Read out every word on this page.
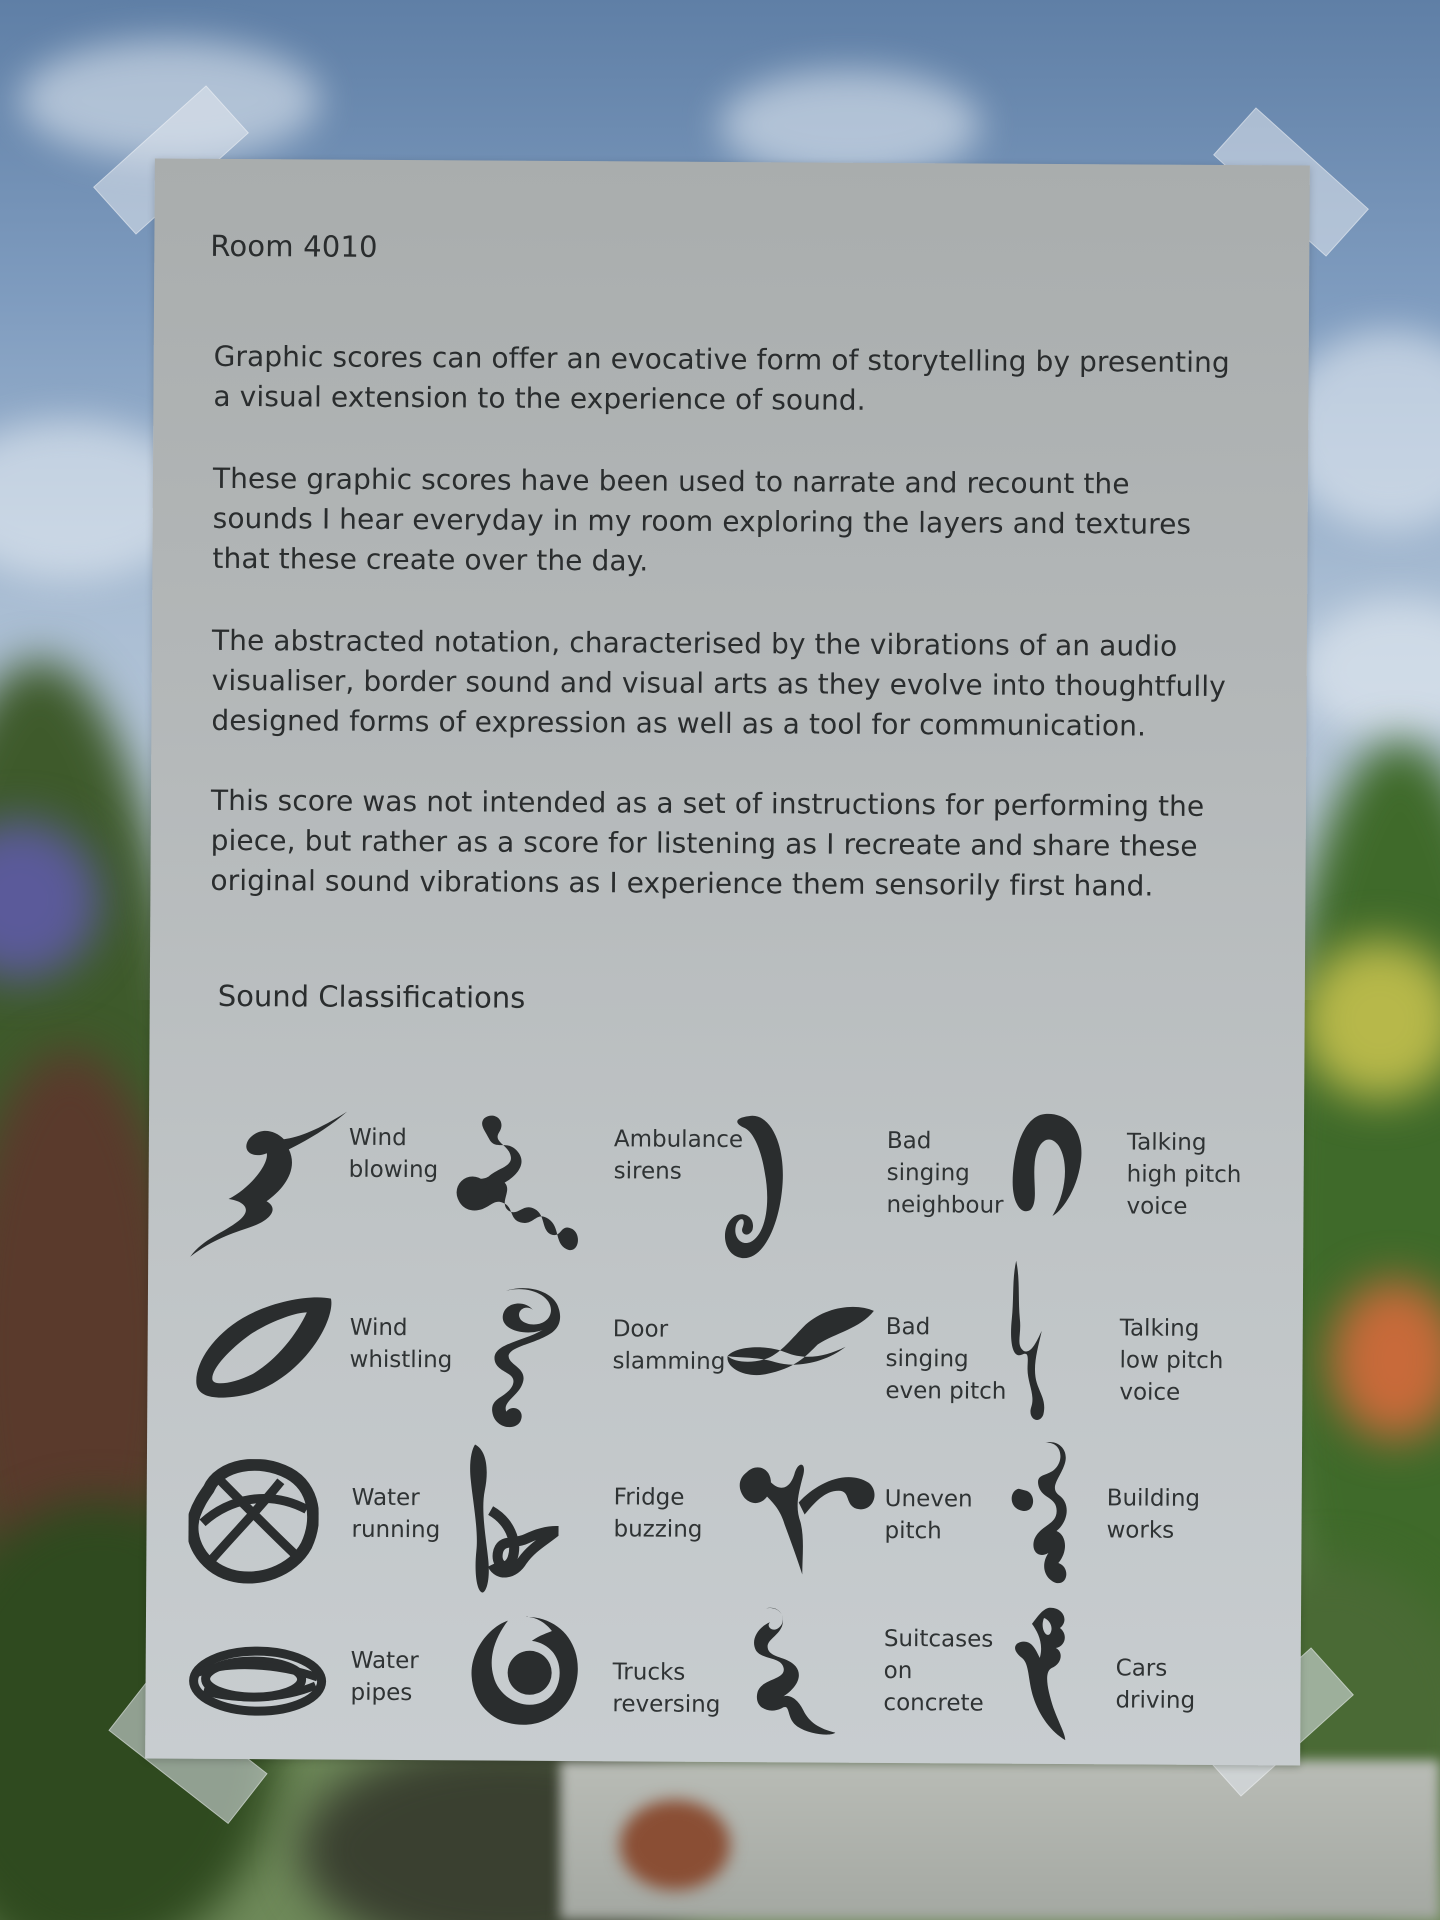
Room 4010

Graphic scores can offer an evocative form of storytelling by presenting a visual extension to the experience of sound.

These graphic scores have been used to narrate and recount the sounds I hear everyday in my room exploring the layers and textures that these create over the day.

The abstracted notation, characterised by the vibrations of an audio visualiser, border sound and visual arts as they evolve into thoughtfully designed forms of expression as well as a tool for communication.

This score was not intended as a set of instructions for performing the piece, but rather as a score for listening as I recreate and share these original sound vibrations as I experience them sensorily first hand.

Sound Classifications
Wind
blowing
Ambulance
sirens
Bad
singing
neighbour
Talking
high pitch
voice
Wind
whistling
Door
slamming
Bad
singing
even pitch
Talking
low pitch
voice
Water
running
Fridge
buzzing
Uneven
pitch
Building
works
Water
pipes
Trucks
reversing
Suitcases
on
concrete
Cars
driving
